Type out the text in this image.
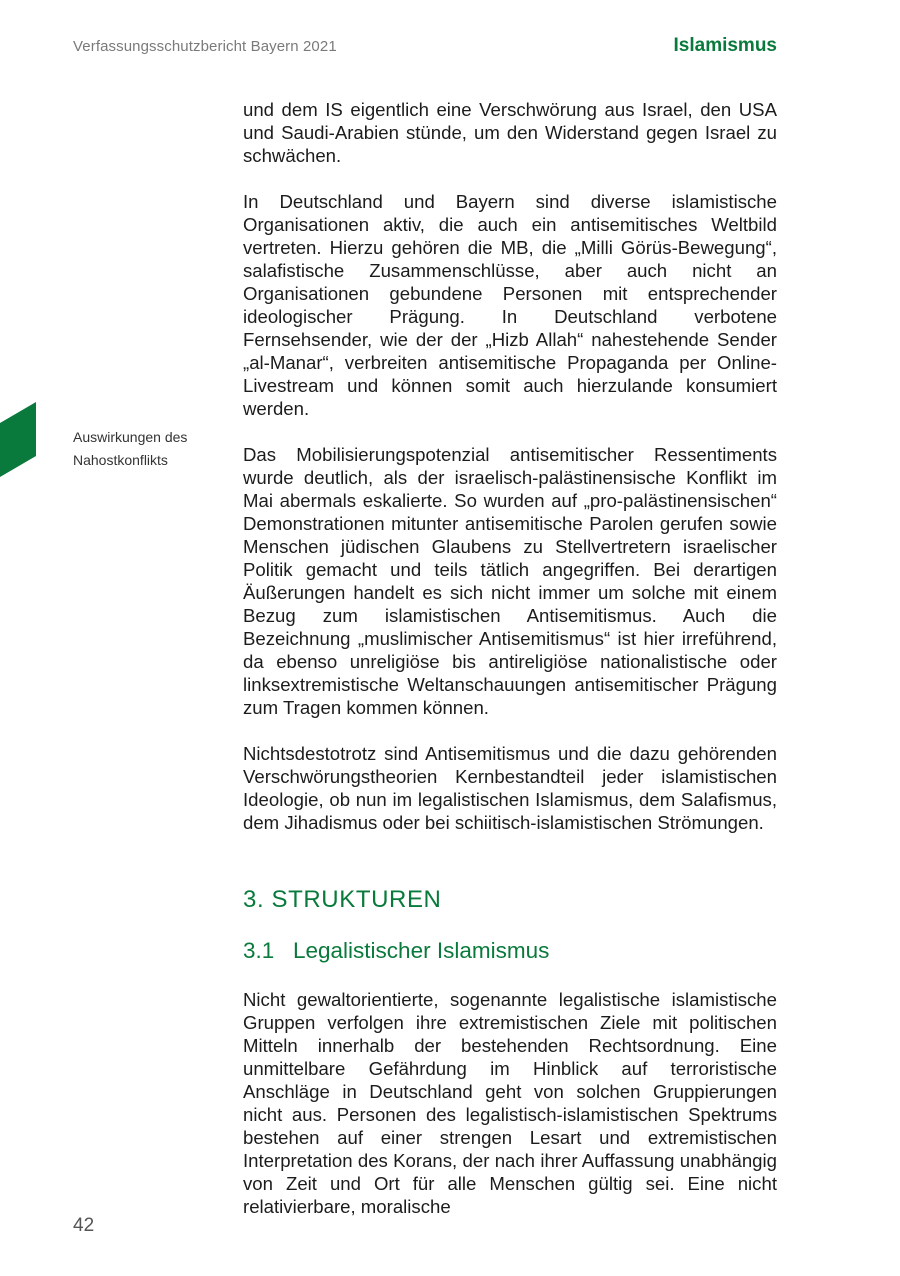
Verfassungsschutzbericht Bayern 2021	Islamismus
Auswirkungen des
Nahostkonflikts

und dem IS eigentlich eine Verschwörung aus Israel, den USA und Saudi-Arabien stünde, um den Widerstand gegen Israel zu schwächen.

In Deutschland und Bayern sind diverse islamistische Organisationen aktiv, die auch ein antisemitisches Weltbild vertreten. Hierzu gehören die MB, die „Milli Görüs-Bewegung“, salafistische Zusammenschlüsse, aber auch nicht an Organisationen gebundene Personen mit entsprechender ideologischer Prägung. In Deutschland verbotene Fernsehsender, wie der der „Hizb Allah“ nahestehende Sender „al-Manar“, verbreiten antisemitische Propaganda per Online-Livestream und können somit auch hierzulande konsumiert werden.

Das Mobilisierungspotenzial antisemitischer Ressentiments wurde deutlich, als der israelisch-palästinensische Konflikt im Mai abermals eskalierte. So wurden auf „pro-palästinensischen“ Demonstrationen mitunter antisemitische Parolen gerufen sowie Menschen jüdischen Glaubens zu Stellvertretern israelischer Politik gemacht und teils tätlich angegriffen. Bei derartigen Äußerungen handelt es sich nicht immer um solche mit einem Bezug zum islamistischen Antisemitismus. Auch die Bezeichnung „muslimischer Antisemitismus“ ist hier irreführend, da ebenso unreligiöse bis antireligiöse nationalistische oder linksextremistische Weltanschauungen antisemitischer Prägung zum Tragen kommen können.

Nichtsdestotrotz sind Antisemitismus und die dazu gehörenden Verschwörungstheorien Kernbestandteil jeder islamistischen Ideologie, ob nun im legalistischen Islamismus, dem Salafismus, dem Jihadismus oder bei schiitisch-islamistischen Strömungen.

3. STRUKTUREN
3.1 Legalistischer Islamismus

Nicht gewaltorientierte, sogenannte legalistische islamistische Gruppen verfolgen ihre extremistischen Ziele mit politischen Mitteln innerhalb der bestehenden Rechtsordnung. Eine unmittelbare Gefährdung im Hinblick auf terroristische Anschläge in Deutschland geht von solchen Gruppierungen nicht aus. Personen des legalistisch-islamistischen Spektrums bestehen auf einer strengen Lesart und extremistischen Interpretation des Korans, der nach ihrer Auffassung unabhängig von Zeit und Ort für alle Menschen gültig sei. Eine nicht relativierbare, moralische

42
